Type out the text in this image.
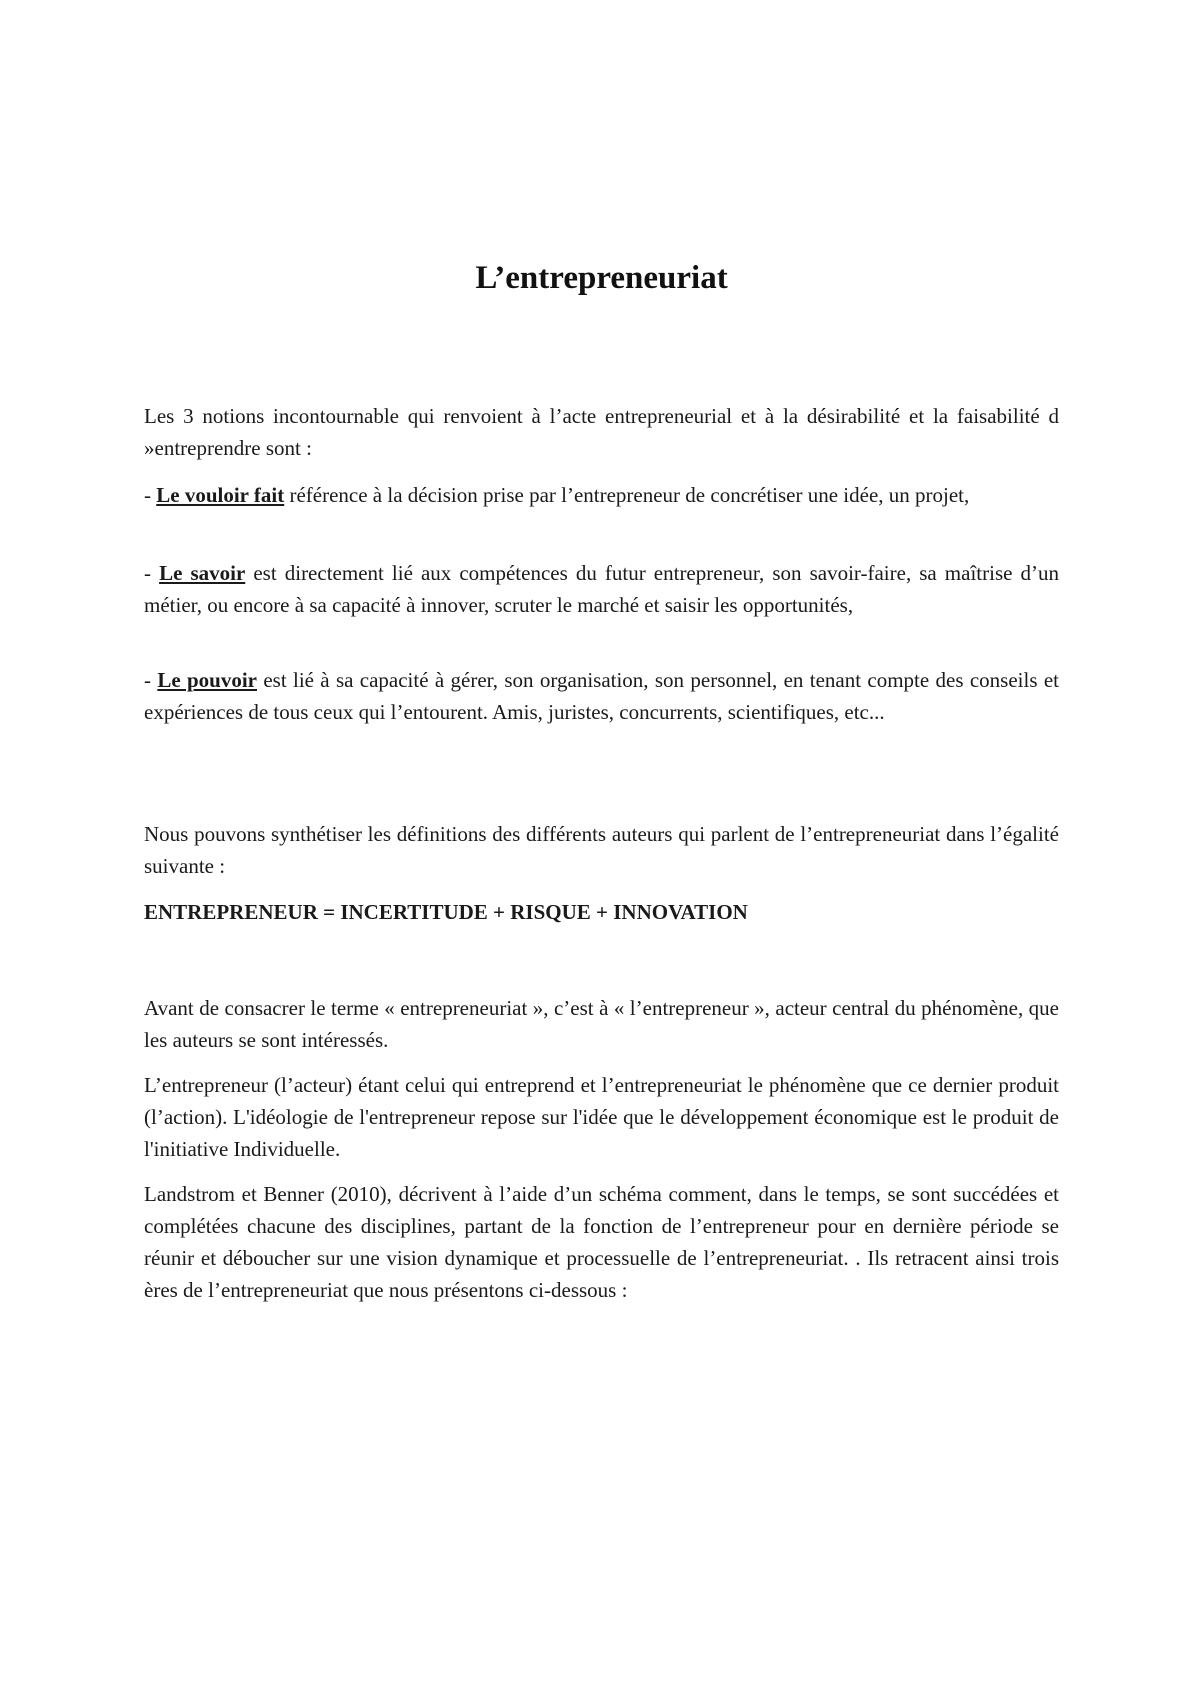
L’entrepreneuriat

Les 3 notions incontournable qui renvoient à l’acte entrepreneurial et à la désirabilité et la faisabilité d »entreprendre sont :

- Le vouloir fait référence à la décision prise par l’entrepreneur de concrétiser une idée, un projet,

- Le savoir est directement lié aux compétences du futur entrepreneur, son savoir-faire, sa maîtrise d’un métier, ou encore à sa capacité à innover, scruter le marché et saisir les opportunités,

- Le pouvoir est lié à sa capacité à gérer, son organisation, son personnel, en tenant compte des conseils et expériences de tous ceux qui l’entourent. Amis, juristes, concurrents, scientifiques, etc...

Nous pouvons synthétiser les définitions des différents auteurs qui parlent de l’entrepreneuriat dans l’égalité suivante :

ENTREPRENEUR = INCERTITUDE + RISQUE + INNOVATION

Avant de consacrer le terme « entrepreneuriat », c’est à « l’entrepreneur », acteur central du phénomène, que les auteurs se sont intéressés.

L’entrepreneur (l’acteur) étant celui qui entreprend et l’entrepreneuriat le phénomène que ce dernier produit (l’action). L'idéologie de l'entrepreneur repose sur l'idée que le développement économique est le produit de l'initiative Individuelle.

Landstrom et Benner (2010), décrivent à l’aide d’un schéma comment, dans le temps, se sont succédées et complétées chacune des disciplines, partant de la fonction de l’entrepreneur pour en dernière période se réunir et déboucher sur une vision dynamique et processuelle de l’entrepreneuriat. . Ils retracent ainsi trois ères de l’entrepreneuriat que nous présentons ci-dessous :
